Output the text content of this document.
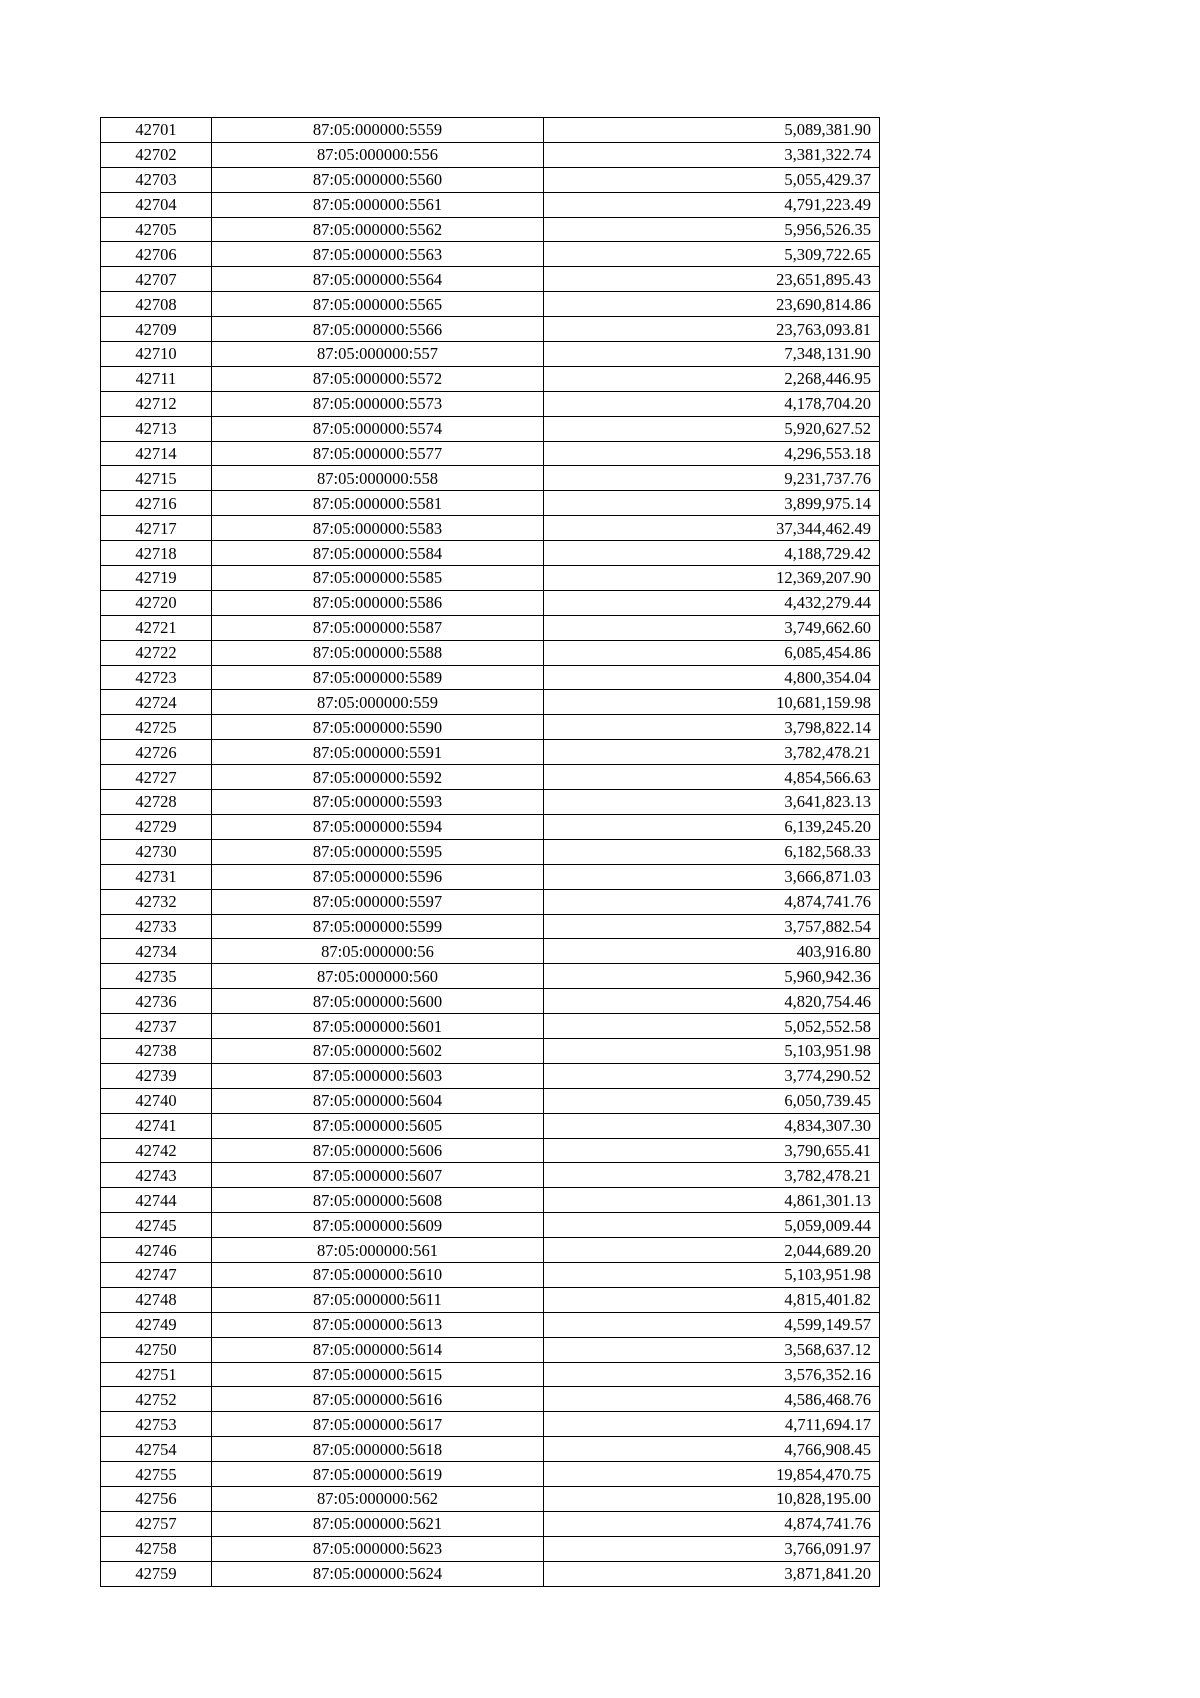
42701	87:05:000000:5559	5,089,381.90
42702	87:05:000000:556	3,381,322.74
42703	87:05:000000:5560	5,055,429.37
42704	87:05:000000:5561	4,791,223.49
42705	87:05:000000:5562	5,956,526.35
42706	87:05:000000:5563	5,309,722.65
42707	87:05:000000:5564	23,651,895.43
42708	87:05:000000:5565	23,690,814.86
42709	87:05:000000:5566	23,763,093.81
42710	87:05:000000:557	7,348,131.90
42711	87:05:000000:5572	2,268,446.95
42712	87:05:000000:5573	4,178,704.20
42713	87:05:000000:5574	5,920,627.52
42714	87:05:000000:5577	4,296,553.18
42715	87:05:000000:558	9,231,737.76
42716	87:05:000000:5581	3,899,975.14
42717	87:05:000000:5583	37,344,462.49
42718	87:05:000000:5584	4,188,729.42
42719	87:05:000000:5585	12,369,207.90
42720	87:05:000000:5586	4,432,279.44
42721	87:05:000000:5587	3,749,662.60
42722	87:05:000000:5588	6,085,454.86
42723	87:05:000000:5589	4,800,354.04
42724	87:05:000000:559	10,681,159.98
42725	87:05:000000:5590	3,798,822.14
42726	87:05:000000:5591	3,782,478.21
42727	87:05:000000:5592	4,854,566.63
42728	87:05:000000:5593	3,641,823.13
42729	87:05:000000:5594	6,139,245.20
42730	87:05:000000:5595	6,182,568.33
42731	87:05:000000:5596	3,666,871.03
42732	87:05:000000:5597	4,874,741.76
42733	87:05:000000:5599	3,757,882.54
42734	87:05:000000:56	403,916.80
42735	87:05:000000:560	5,960,942.36
42736	87:05:000000:5600	4,820,754.46
42737	87:05:000000:5601	5,052,552.58
42738	87:05:000000:5602	5,103,951.98
42739	87:05:000000:5603	3,774,290.52
42740	87:05:000000:5604	6,050,739.45
42741	87:05:000000:5605	4,834,307.30
42742	87:05:000000:5606	3,790,655.41
42743	87:05:000000:5607	3,782,478.21
42744	87:05:000000:5608	4,861,301.13
42745	87:05:000000:5609	5,059,009.44
42746	87:05:000000:561	2,044,689.20
42747	87:05:000000:5610	5,103,951.98
42748	87:05:000000:5611	4,815,401.82
42749	87:05:000000:5613	4,599,149.57
42750	87:05:000000:5614	3,568,637.12
42751	87:05:000000:5615	3,576,352.16
42752	87:05:000000:5616	4,586,468.76
42753	87:05:000000:5617	4,711,694.17
42754	87:05:000000:5618	4,766,908.45
42755	87:05:000000:5619	19,854,470.75
42756	87:05:000000:562	10,828,195.00
42757	87:05:000000:5621	4,874,741.76
42758	87:05:000000:5623	3,766,091.97
42759	87:05:000000:5624	3,871,841.20
